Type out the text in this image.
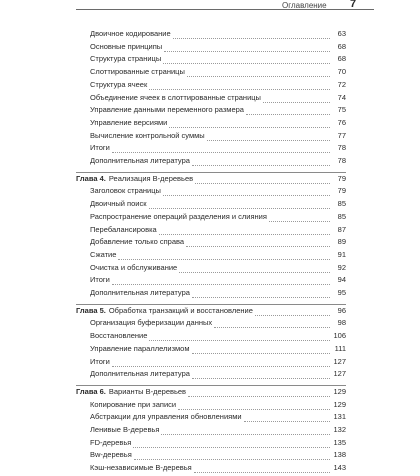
Оглавление 7
Двоичное кодирование	63
Основные принципы	68
Структура страницы	68
Слоттированные страницы	70
Структура ячеек	72
Объединение ячеек в слоттированные страницы	74
Управление данными переменного размера	75
Управление версиями	76
Вычисление контрольной суммы	77
Итоги	78
Дополнительная литература	78
Глава 4. Реализация B-деревьев	79
Заголовок страницы	79
Двоичный поиск	85
Распространение операций разделения и слияния	85
Перебалансировка	87
Добавление только справа	89
Сжатие	91
Очистка и обслуживание	92
Итоги	94
Дополнительная литература	95
Глава 5. Обработка транзакций и восстановление	96
Организация буферизации данных	98
Восстановление	106
Управление параллелизмом	111
Итоги	127
Дополнительная литература	127
Глава 6. Варианты B-деревьев	129
Копирование при записи	129
Абстракции для управления обновлениями	131
Ленивые B-деревья	132
FD-деревья	135
Bw-деревья	138
Кэш-независимые B-деревья	143
